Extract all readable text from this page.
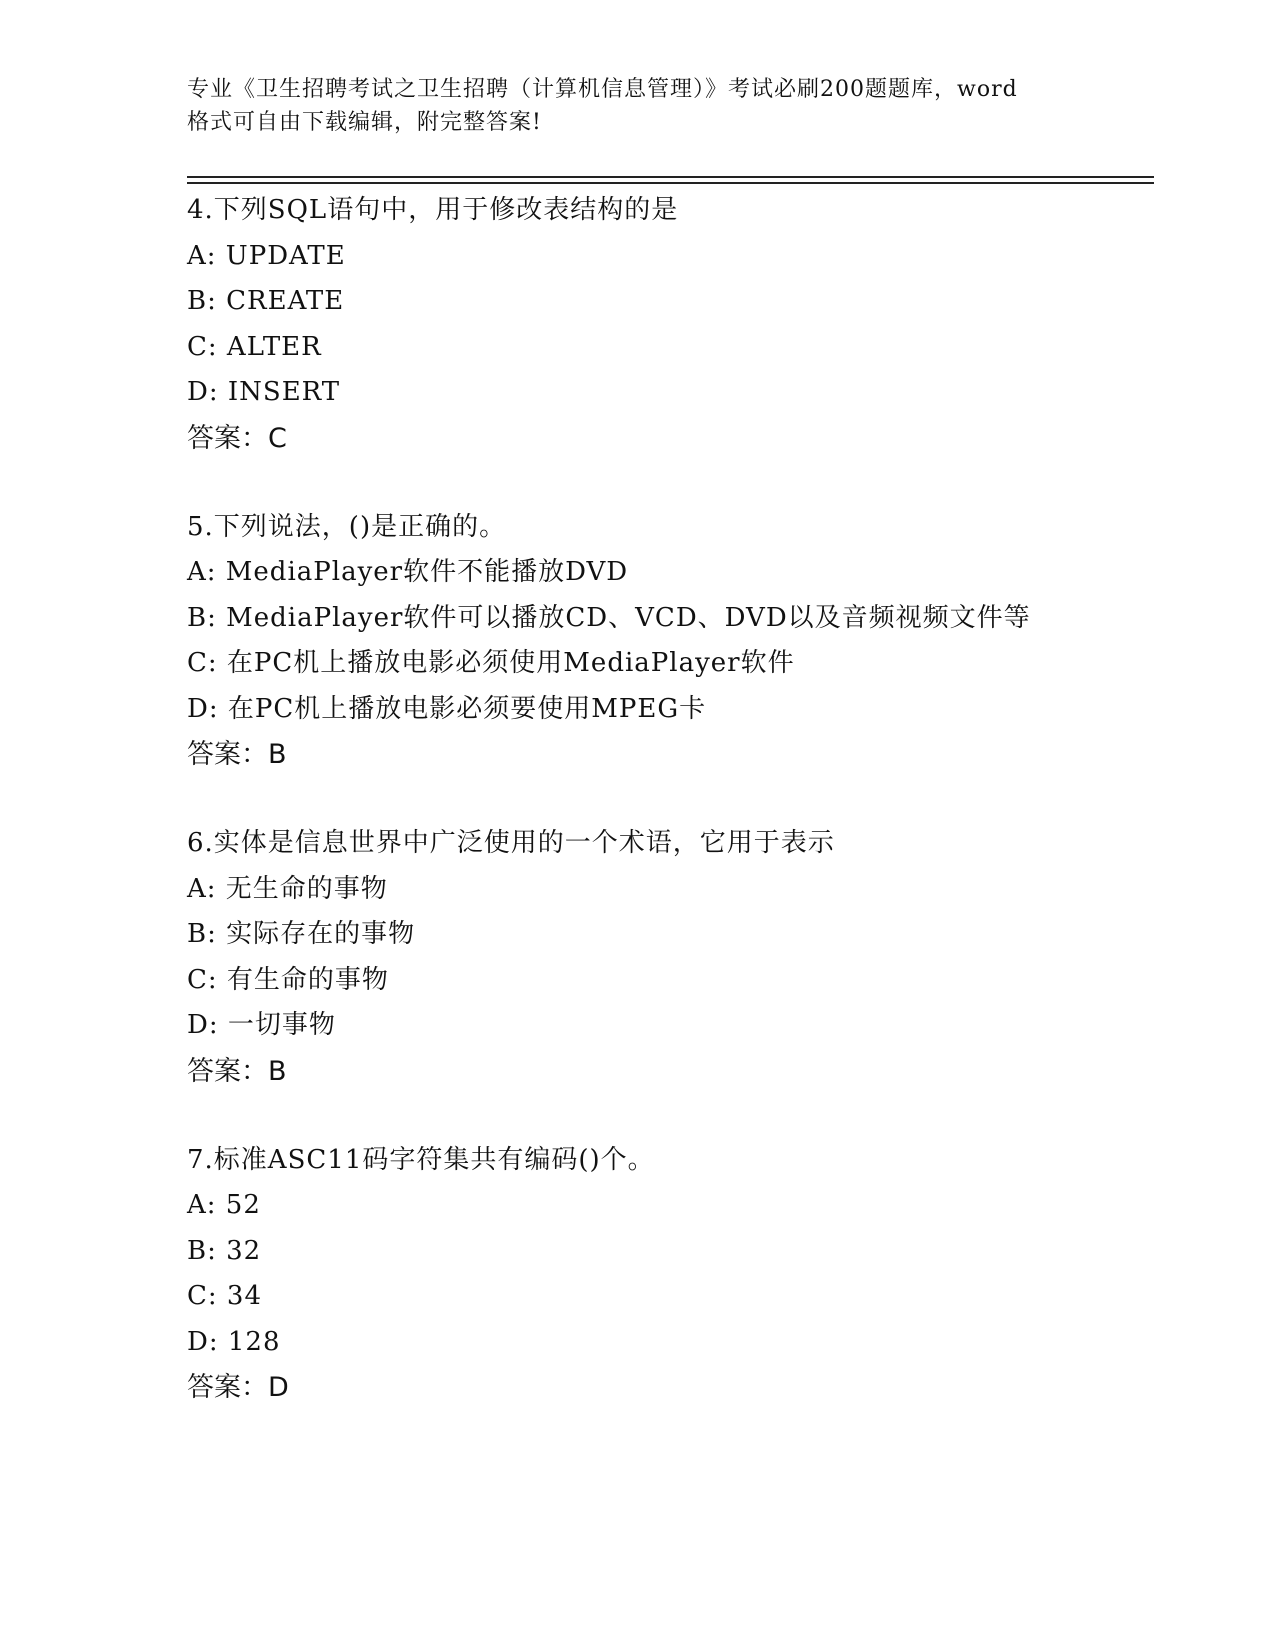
专业《卫生招聘考试之卫生招聘（计算机信息管理）》考试必刷200题题库，word
格式可自由下载编辑，附完整答案!
4.下列SQL语句中，用于修改表结构的是
A: UPDATE
B: CREATE
C: ALTER
D: INSERT
答案：C
5.下列说法，()是正确的。
A: MediaPlayer软件不能播放DVD
B: MediaPlayer软件可以播放CD、VCD、DVD以及音频视频文件等
C: 在PC机上播放电影必须使用MediaPlayer软件
D: 在PC机上播放电影必须要使用MPEG卡
答案：B
6.实体是信息世界中广泛使用的一个术语，它用于表示
A: 无生命的事物
B: 实际存在的事物
C: 有生命的事物
D: 一切事物
答案：B
7.标准ASC11码字符集共有编码()个。
A: 52
B: 32
C: 34
D: 128
答案：D
